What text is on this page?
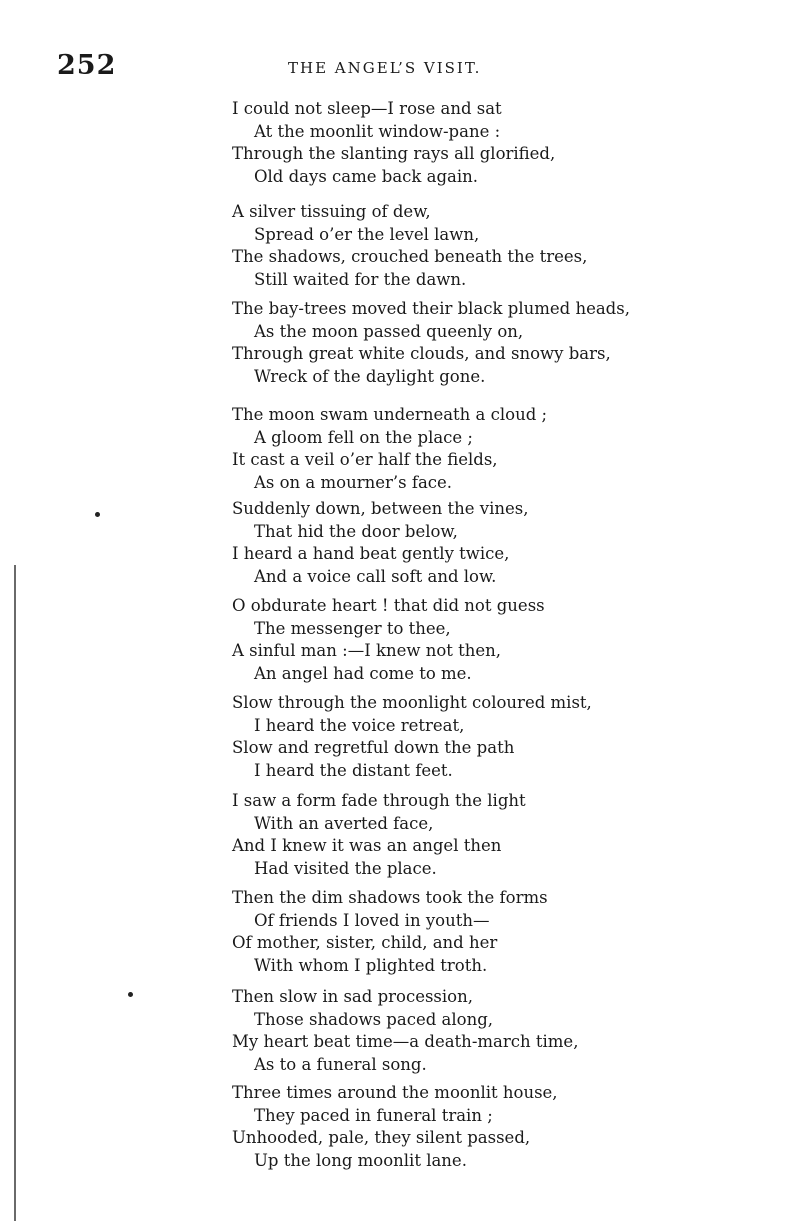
252	THE ANGEL’S VISIT.
I could not sleep—I rose and sat
At the moonlit window-pane :
Through the slanting rays all glorified,
Old days came back again.
A silver tissuing of dew,
Spread o’er the level lawn,
The shadows, crouched beneath the trees,
Still waited for the dawn.
The bay-trees moved their black plumed heads,
As the moon passed queenly on,
Through great white clouds, and snowy bars,
Wreck of the daylight gone.
The moon swam underneath a cloud ;
A gloom fell on the place ;
It cast a veil o’er half the fields,
As on a mourner’s face.
Suddenly down, between the vines,
That hid the door below,
I heard a hand beat gently twice,
And a voice call soft and low.
O obdurate heart ! that did not guess
The messenger to thee,
A sinful man :—I knew not then,
An angel had come to me.
Slow through the moonlight coloured mist,
I heard the voice retreat,
Slow and regretful down the path
I heard the distant feet.
I saw a form fade through the light
With an averted face,
And I knew it was an angel then
Had visited the place.
Then the dim shadows took the forms
Of friends I loved in youth—
Of mother, sister, child, and her
With whom I plighted troth.
Then slow in sad procession,
Those shadows paced along,
My heart beat time—a death-march time,
As to a funeral song.
Three times around the moonlit house,
They paced in funeral train ;
Unhooded, pale, they silent passed,
Up the long moonlit lane.
